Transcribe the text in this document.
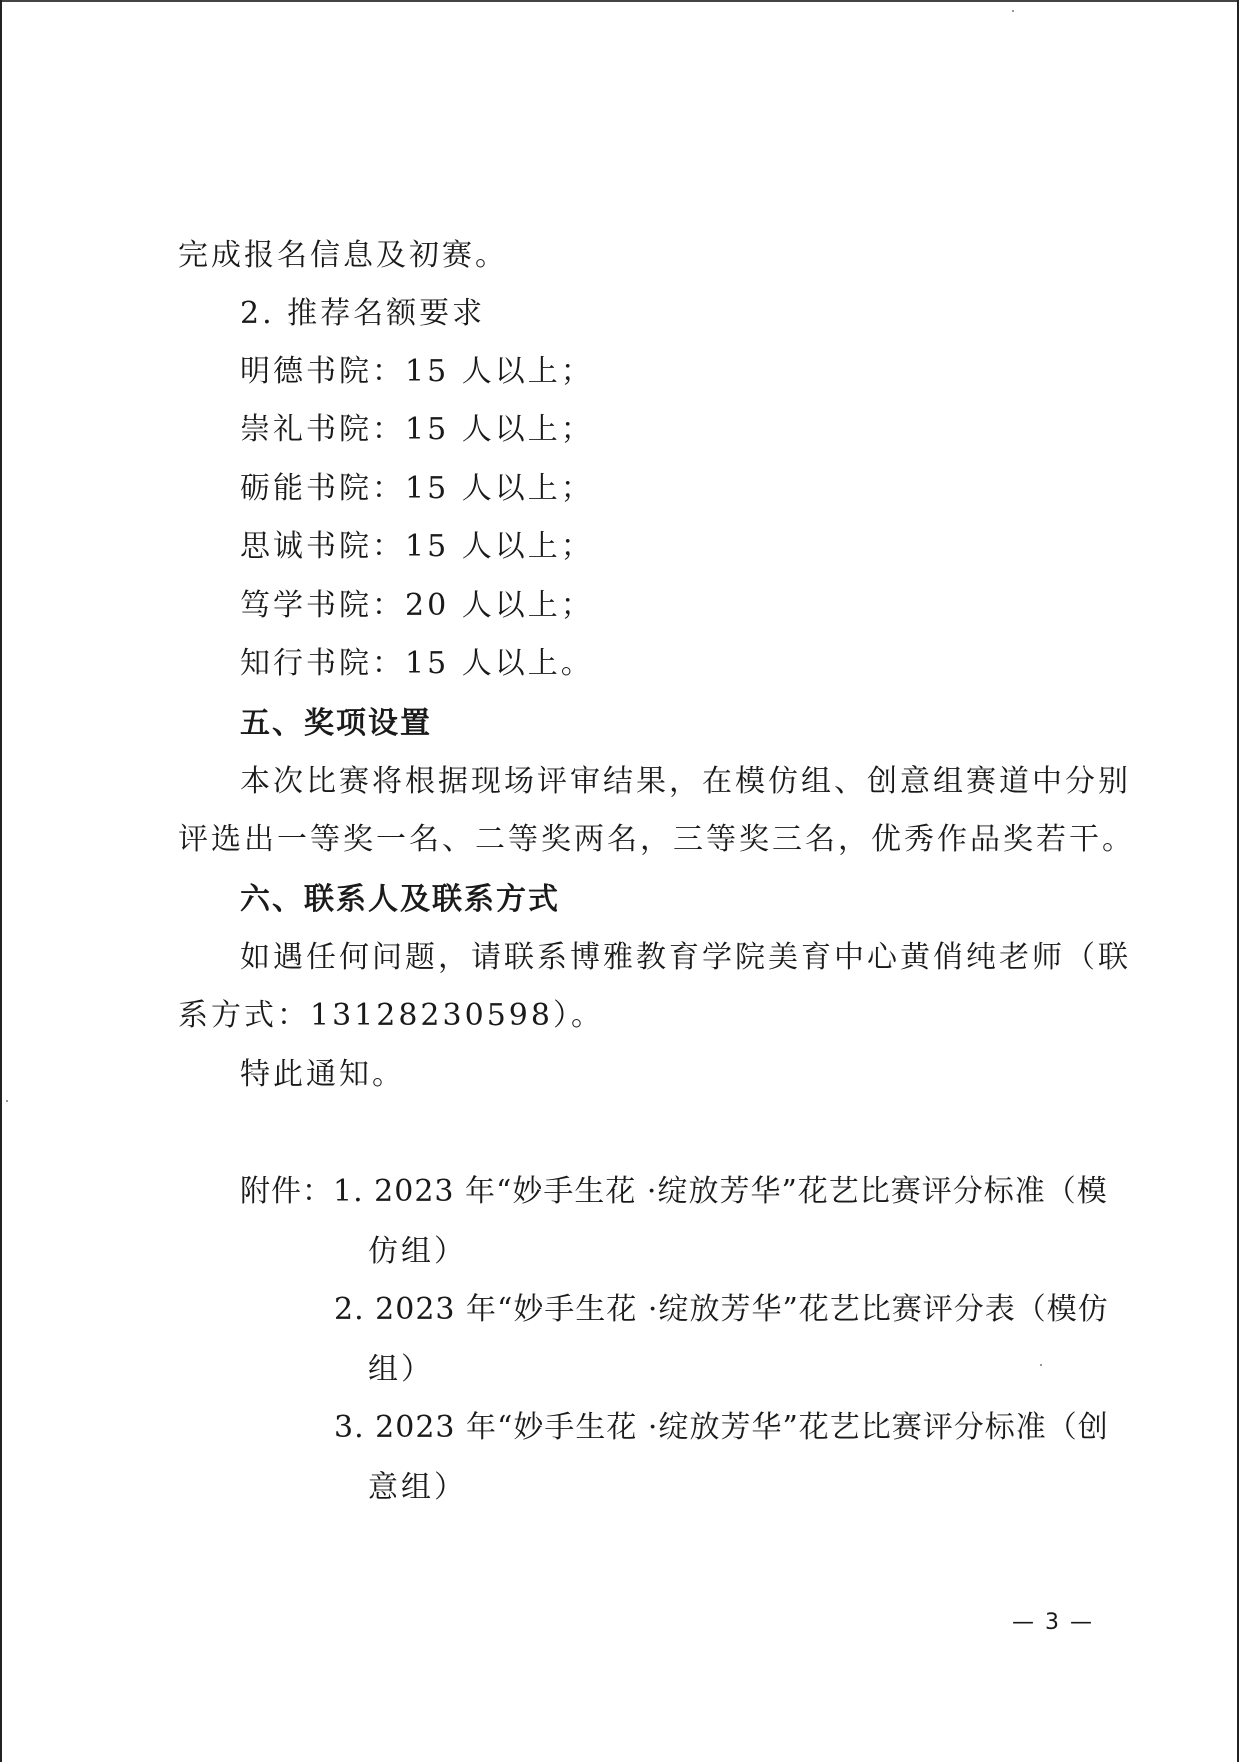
完成报名信息及初赛。
2. 推荐名额要求
明德书院：15 人以上；
崇礼书院：15 人以上；
砺能书院：15 人以上；
思诚书院：15 人以上；
笃学书院：20 人以上；
知行书院：15 人以上。
五、奖项设置
本次比赛将根据现场评审结果，在模仿组、创意组赛道中分别
评选出一等奖一名、二等奖两名，三等奖三名，优秀作品奖若干。
六、联系人及联系方式
如遇任何问题，请联系博雅教育学院美育中心黄俏纯老师（联
系方式：13128230598）。
特此通知。
附件：1. 2023 年“妙手生花 ·绽放芳华”花艺比赛评分标准（模
仿组）
2. 2023 年“妙手生花 ·绽放芳华”花艺比赛评分表（模仿
组）
3. 2023 年“妙手生花 ·绽放芳华”花艺比赛评分标准（创
意组）
— 3 —
